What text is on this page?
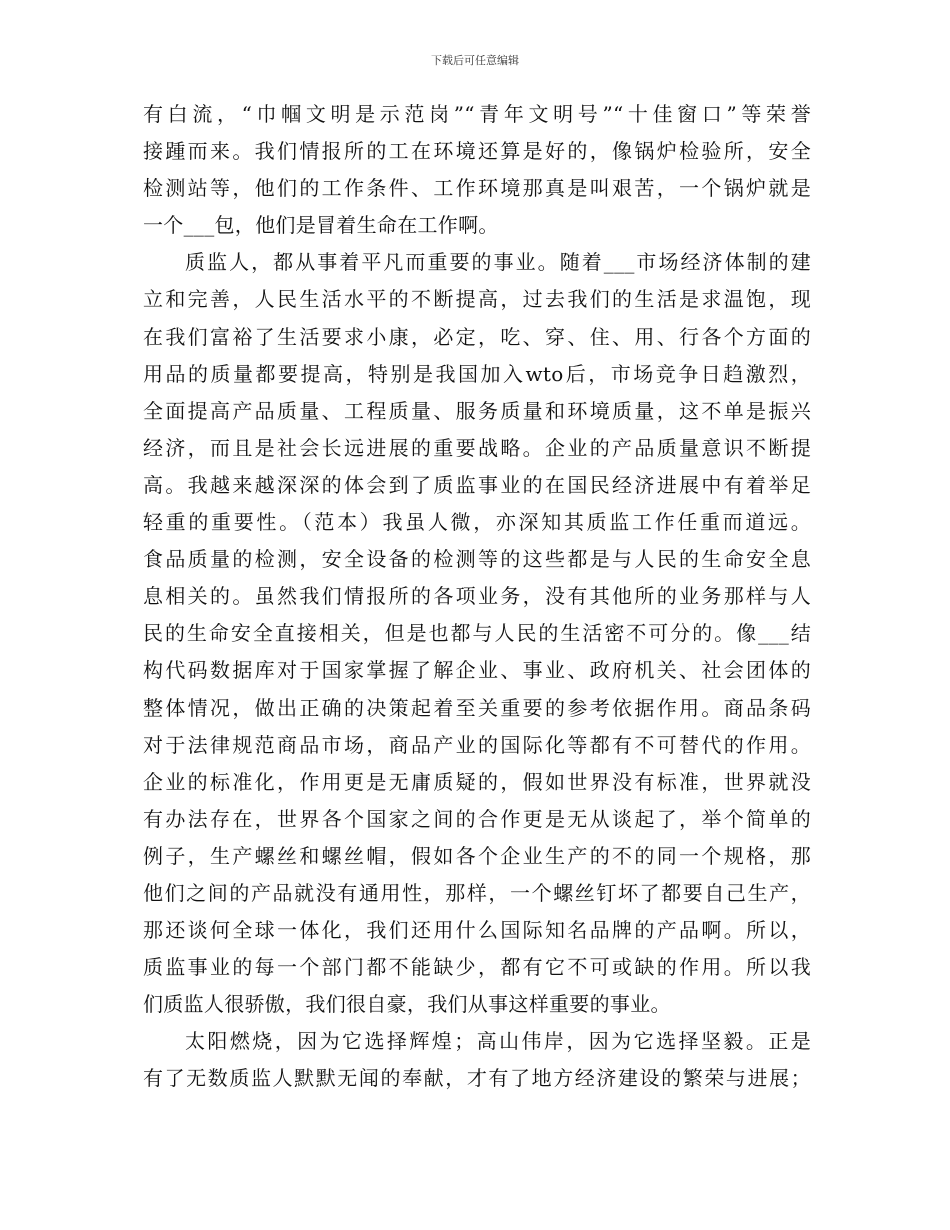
下载后可任意编辑
有白流，“巾帼文明是示范岗”“青年文明号”“十佳窗口”等荣誉
接踵而来。我们情报所的工在环境还算是好的，像锅炉检验所，安全
检测站等，他们的工作条件、工作环境那真是叫艰苦，一个锅炉就是
一个___包，他们是冒着生命在工作啊。
质监人，都从事着平凡而重要的事业。随着___市场经济体制的建
立和完善，人民生活水平的不断提高，过去我们的生活是求温饱，现
在我们富裕了生活要求小康，必定，吃、穿、住、用、行各个方面的
用品的质量都要提高，特别是我国加入wto后，市场竞争日趋激烈，
全面提高产品质量、工程质量、服务质量和环境质量，这不单是振兴
经济，而且是社会长远进展的重要战略。企业的产品质量意识不断提
高。我越来越深深的体会到了质监事业的在国民经济进展中有着举足
轻重的重要性。（范本）我虽人微，亦深知其质监工作任重而道远。
食品质量的检测，安全设备的检测等的这些都是与人民的生命安全息
息相关的。虽然我们情报所的各项业务，没有其他所的业务那样与人
民的生命安全直接相关，但是也都与人民的生活密不可分的。像___结
构代码数据库对于国家掌握了解企业、事业、政府机关、社会团体的
整体情况，做出正确的决策起着至关重要的参考依据作用。商品条码
对于法律规范商品市场，商品产业的国际化等都有不可替代的作用。
企业的标准化，作用更是无庸质疑的，假如世界没有标准，世界就没
有办法存在，世界各个国家之间的合作更是无从谈起了，举个简单的
例子，生产螺丝和螺丝帽，假如各个企业生产的不的同一个规格，那
他们之间的产品就没有通用性，那样，一个螺丝钉坏了都要自己生产，
那还谈何全球一体化，我们还用什么国际知名品牌的产品啊。所以，
质监事业的每一个部门都不能缺少，都有它不可或缺的作用。所以我
们质监人很骄傲，我们很自豪，我们从事这样重要的事业。
太阳燃烧，因为它选择辉煌；高山伟岸，因为它选择坚毅。正是
有了无数质监人默默无闻的奉献，才有了地方经济建设的繁荣与进展；
